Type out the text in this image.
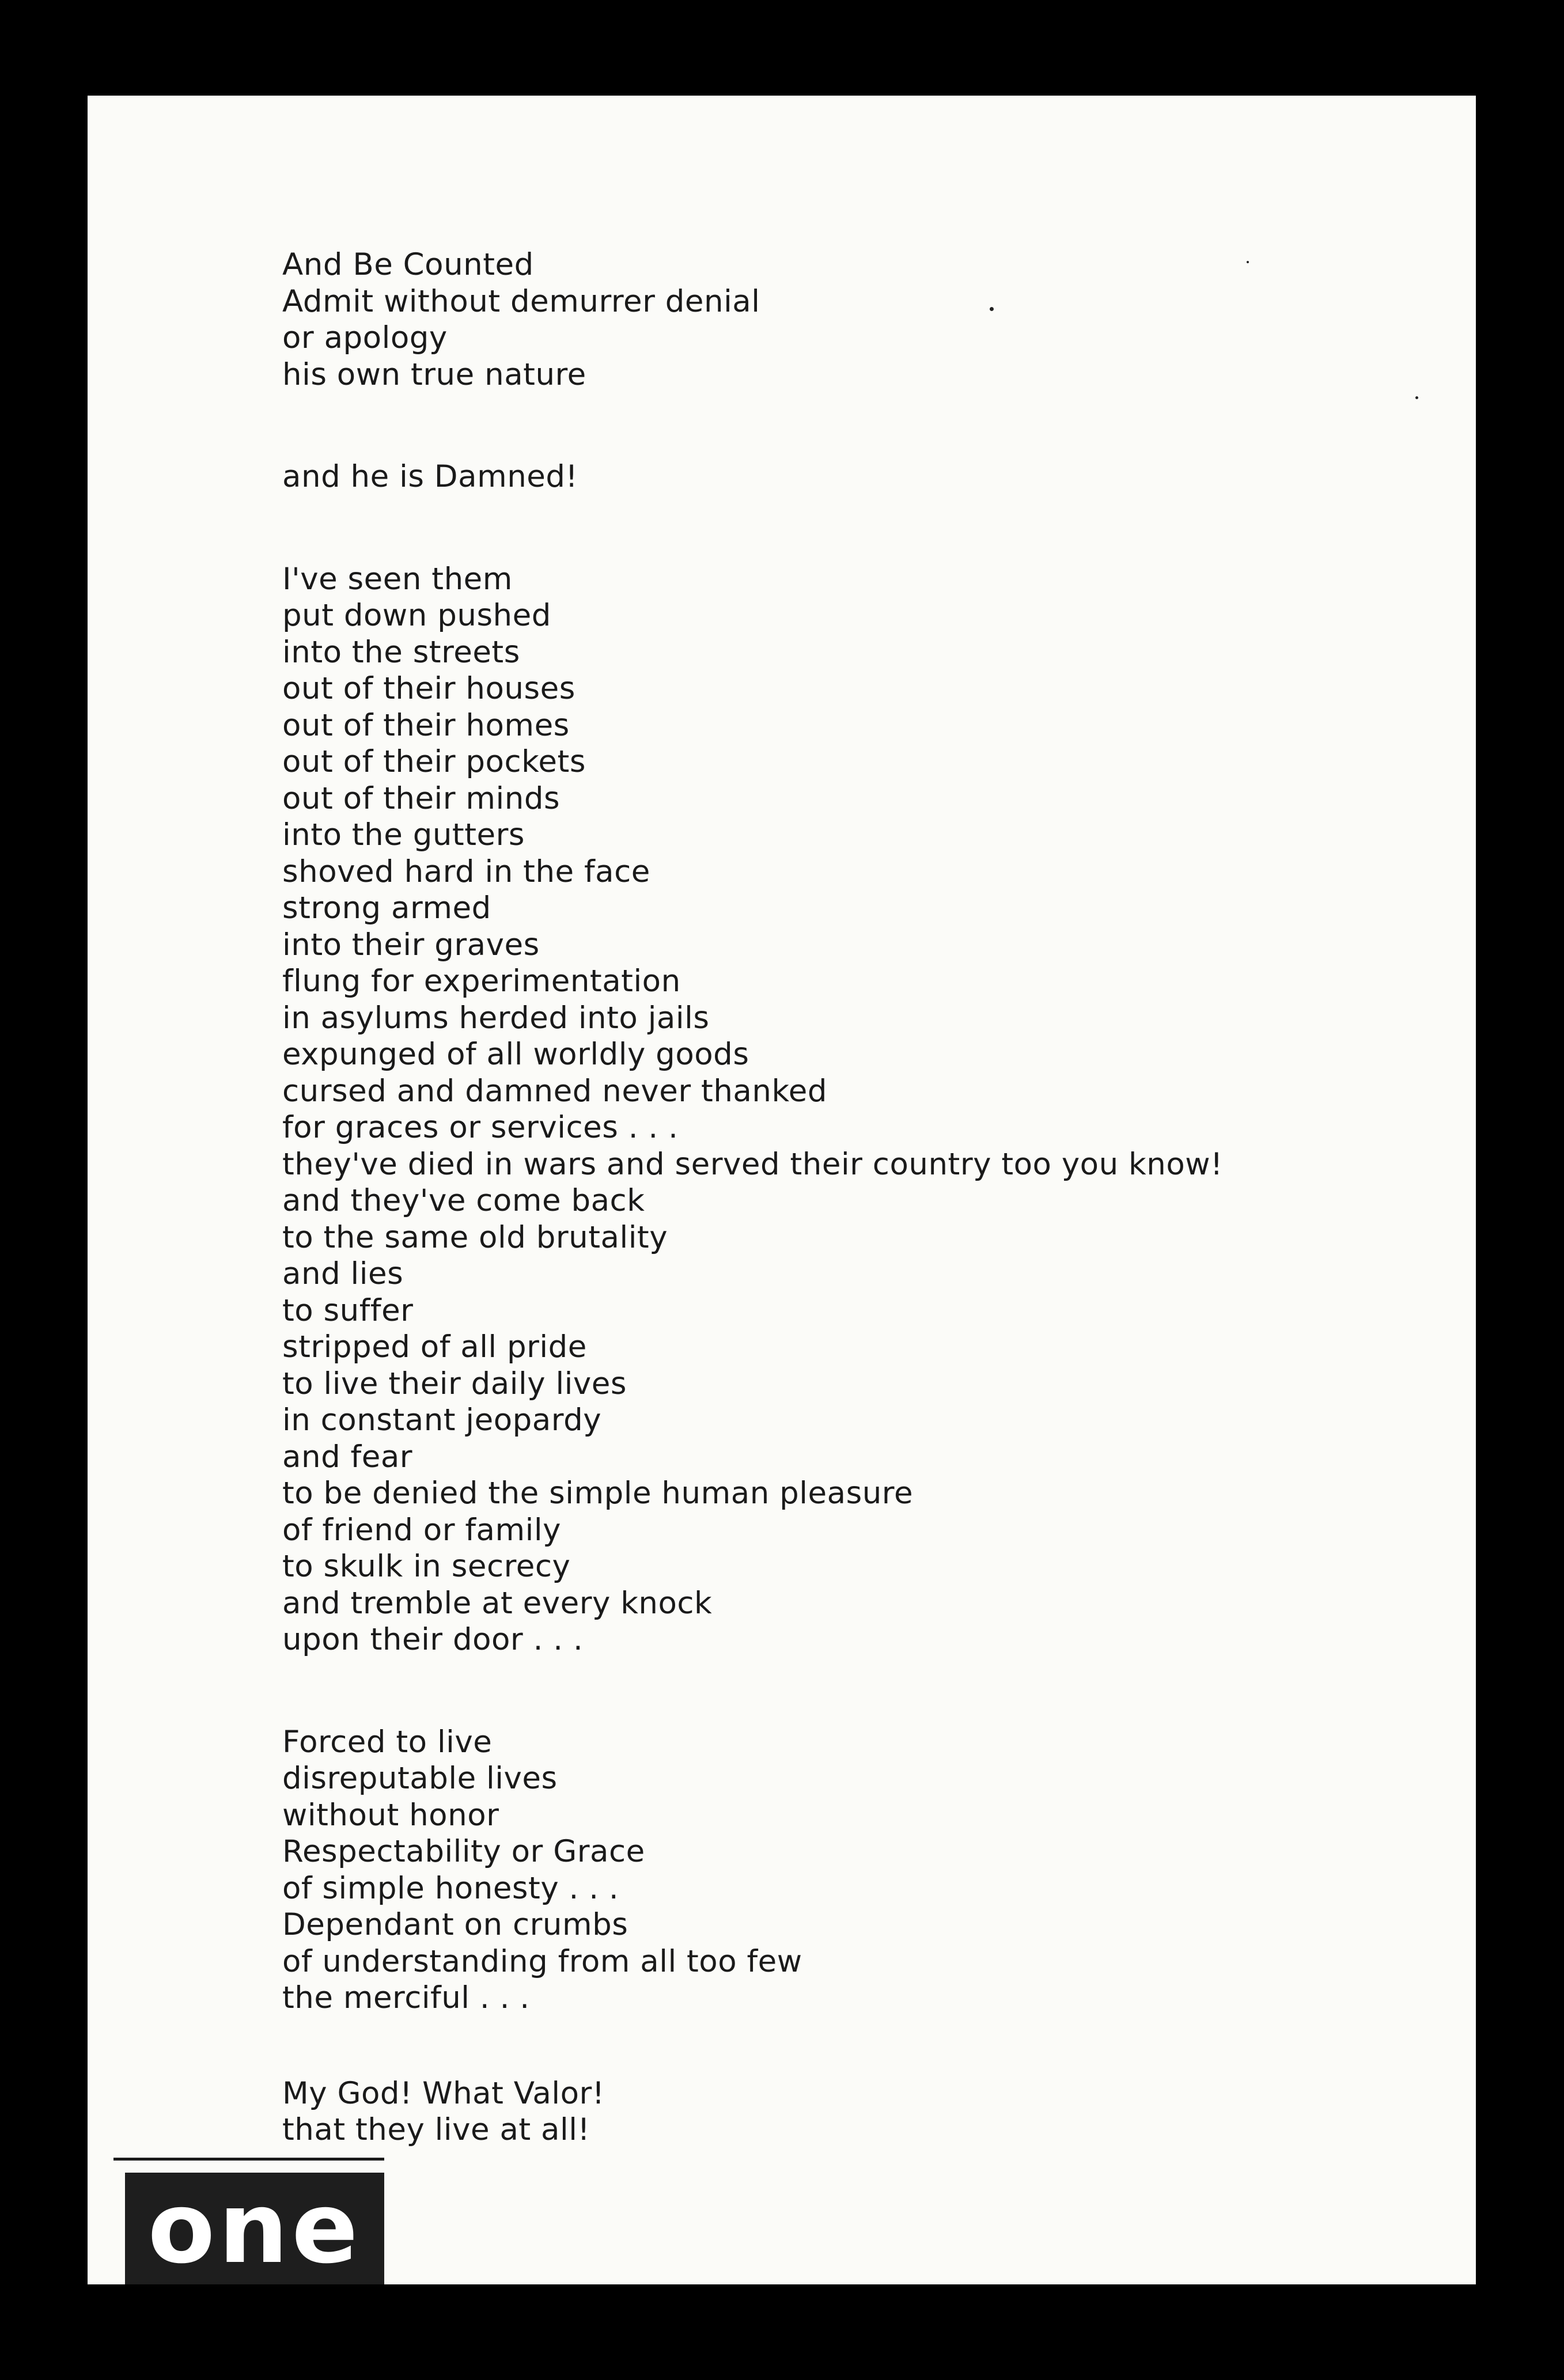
And Be Counted
Admit without demurrer denial
or apology
his own true nature

and he is Damned!

I've seen them
put down pushed
into the streets
out of their houses
out of their homes
out of their pockets
out of their minds
into the gutters
shoved hard in the face
strong armed
into their graves
flung for experimentation
in asylums herded into jails
expunged of all worldly goods
cursed and damned never thanked
for graces or services . . .
they've died in wars and served their country too you know!
and they've come back
to the same old brutality
and lies
to suffer
stripped of all pride
to live their daily lives
in constant jeopardy
and fear
to be denied the simple human pleasure
of friend or family
to skulk in secrecy
and tremble at every knock
upon their door . . .

Forced to live
disreputable lives
without honor
Respectability or Grace
of simple honesty . . .
Dependant on crumbs
of understanding from all too few
the merciful . . .

My God! What Valor!
that they live at all!

one
